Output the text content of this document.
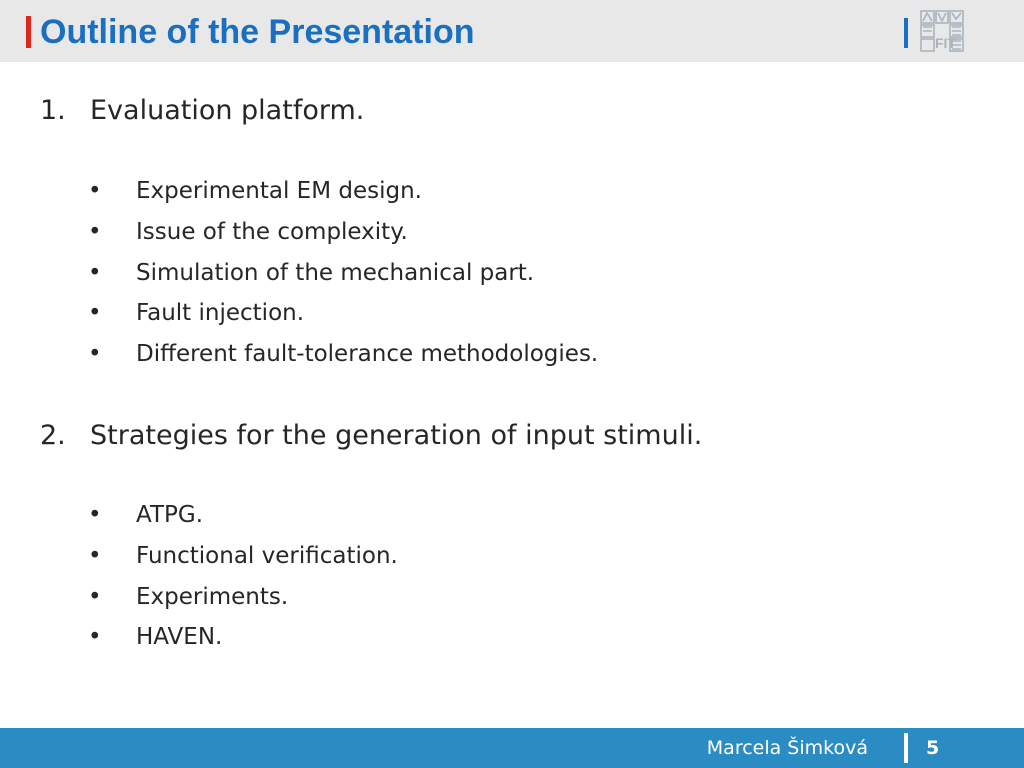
Outline of the Presentation	FIT
1. Evaluation platform.
• Experimental EM design.
• Issue of the complexity.
• Simulation of the mechanical part.
• Fault injection.
• Different fault-tolerance methodologies.
2. Strategies for the generation of input stimuli.
• ATPG.
• Functional verification.
• Experiments.
• HAVEN.
Marcela Šimková	5
